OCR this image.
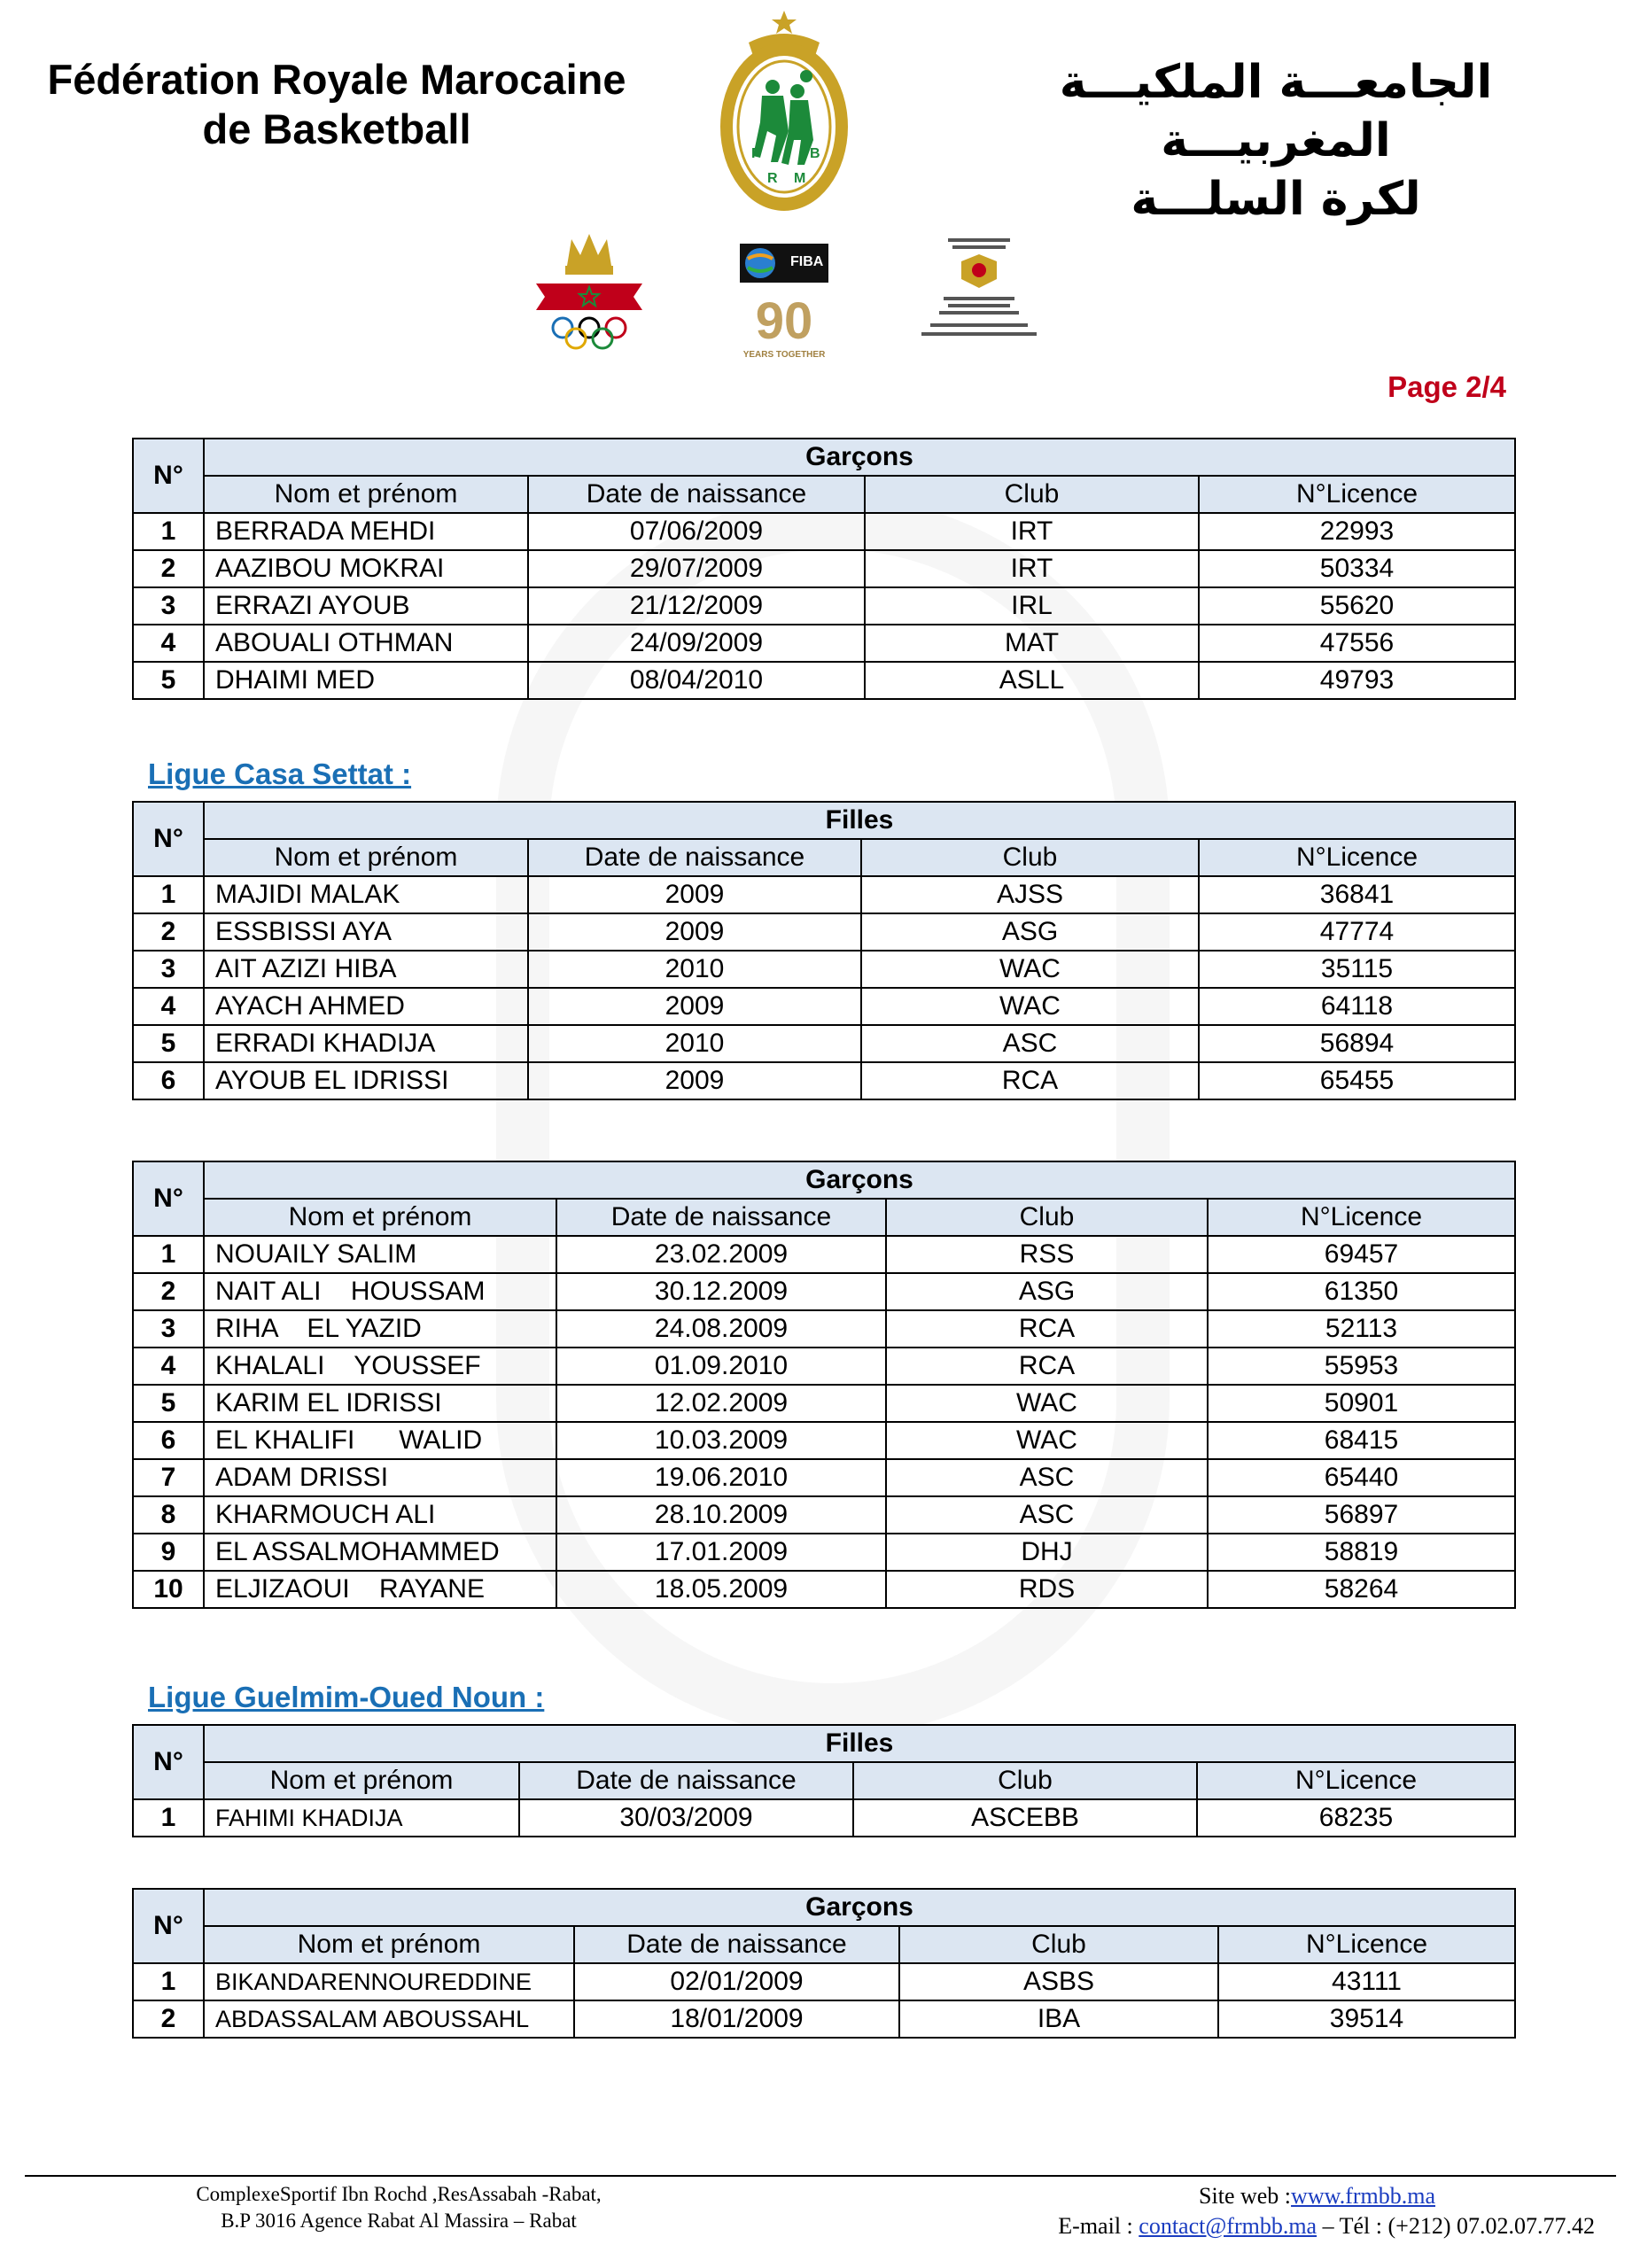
Fédération Royale Marocaine
de Basketball
الجامعـــة الملكيـــة المغربيـــة
لكرة السلـــة
F	B
R M
FIBA
90
YEARS TOGETHER
Page 2/4
N°	Garçons			
	Nom et prénom	Date de naissance	Club	N°Licence
1	BERRADA MEHDI	07/06/2009	IRT	22993
2	AAZIBOU MOKRAI	29/07/2009	IRT	50334
3	ERRAZI AYOUB	21/12/2009	IRL	55620
4	ABOUALI OTHMAN	24/09/2009	MAT	47556
5	DHAIMI MED	08/04/2010	ASLL	49793
Ligue Casa Settat :
N°	Filles			
	Nom et prénom	Date de naissance	Club	N°Licence
1	MAJIDI MALAK	2009	AJSS	36841
2	ESSBISSI AYA	2009	ASG	47774
3	AIT AZIZI HIBA	2010	WAC	35115
4	AYACH AHMED	2009	WAC	64118
5	ERRADI KHADIJA	2010	ASC	56894
6	AYOUB EL IDRISSI	2009	RCA	65455
N°	Garçons			
	Nom et prénom	Date de naissance	Club	N°Licence
1	NOUAILY SALIM	23.02.2009	RSS	69457
2	NAIT ALI    HOUSSAM	30.12.2009	ASG	61350
3	RIHA    EL YAZID	24.08.2009	RCA	52113
4	KHALALI    YOUSSEF	01.09.2010	RCA	55953
5	KARIM EL IDRISSI	12.02.2009	WAC	50901
6	EL KHALIFI      WALID	10.03.2009	WAC	68415
7	ADAM DRISSI	19.06.2010	ASC	65440
8	KHARMOUCH ALI	28.10.2009	ASC	56897
9	EL ASSALMOHAMMED	17.01.2009	DHJ	58819
10	ELJIZAOUI    RAYANE	18.05.2009	RDS	58264
Ligue Guelmim-Oued Noun :
N°	Filles			
	Nom et prénom	Date de naissance	Club	N°Licence
1	FAHIMI KHADIJA	30/03/2009	ASCEBB	68235
N°	Garçons			
	Nom et prénom	Date de naissance	Club	N°Licence
1	BIKANDARENNOUREDDINE	02/01/2009	ASBS	43111
2	ABDASSALAM ABOUSSAHL	18/01/2009	IBA	39514
ComplexeSportif Ibn Rochd ,ResAssabah -Rabat,
B.P 3016 Agence Rabat Al Massira – Rabat
Site web :www.frmbb.ma
E-mail : contact@frmbb.ma – Tél : (+212) 07.02.07.77.42
